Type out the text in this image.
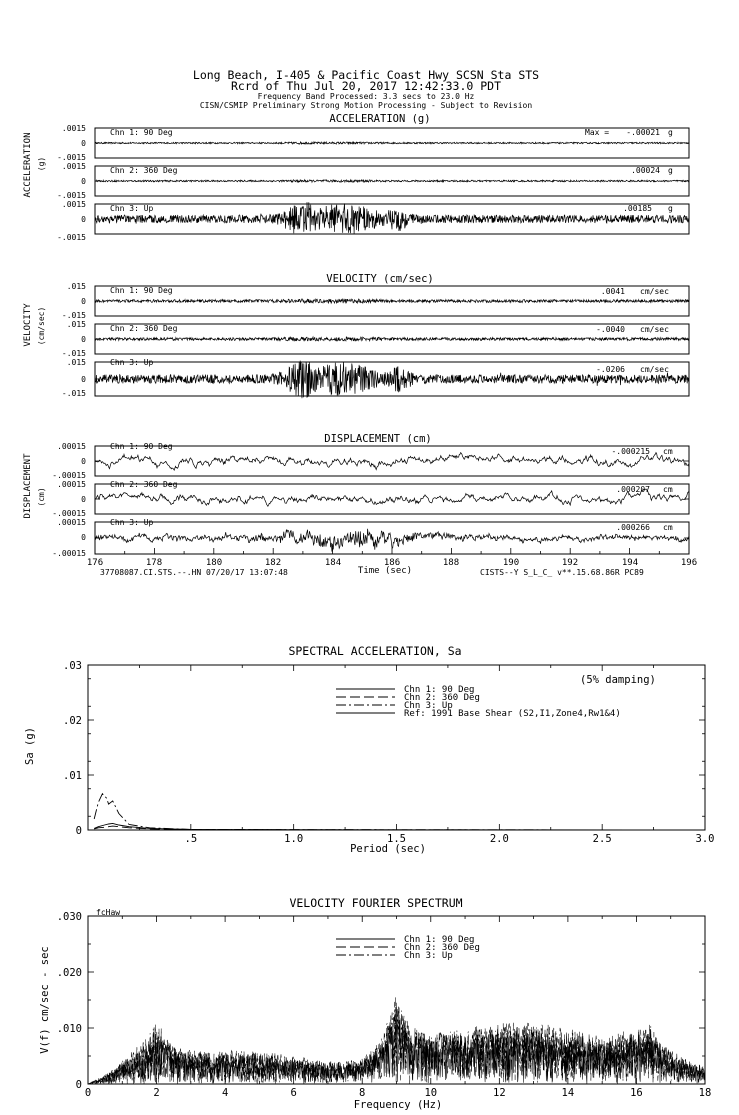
Long Beach, I-405 & Pacific Coast Hwy SCSN Sta STS
Rcrd of Thu Jul 20, 2017 12:42:33.0 PDT
Frequency Band Processed: 3.3 secs to 23.0 Hz
CISN/CSMIP Preliminary Strong Motion Processing - Subject to Revision
ACCELERATION (g)
ACCELERATION (g)
Chn 1: 90 Deg	Max = -.00021 g
.0015
0
-.0015
Chn 2: 360 Deg	.00024 g
.0015
0
-.0015
Chn 3: Up	.00185 g
.0015
0
-.0015
VELOCITY (cm/sec)
VELOCITY (cm/sec)
Chn 1: 90 Deg	.0041 cm/sec
.015
0
-.015
Chn 2: 360 Deg	-.0040 cm/sec
.015
0
-.015
Chn 3: Up
-.0206 cm/sec
.015
0
-.015
DISPLACEMENT (cm)
DISPLACEMENT (cm)
Chn 1: 90 Deg
-.000215 cm
.00015
0
-.00015
Chn 2: 360 Deg
.000207 cm
.00015
0
-.00015
Chn 3: Up
.000266 cm
.00015
0
-.00015
176	178	180	182	184	186	188	190	192	194	196
Time (sec)
37708087.CI.STS.--.HN 07/20/17 13:07:48	CISTS--Y S_L_C_ v**.15.68.86R PC89
SPECTRAL ACCELERATION, Sa
Sa (g)
Period (sec)
(5% damping)
Chn 1: 90 Deg
Chn 2: 360 Deg
Chn 3: Up
Ref: 1991 Base Shear (S2,I1,Zone4,Rw1&4)
VELOCITY FOURIER SPECTRUM
V(f) cm/sec - sec
Frequency (Hz)
fcHaw
Chn 1: 90 Deg
Chn 2: 360 Deg
Chn 3: Up
0
.01
.02
.03
.5	1.0	1.5	2.0	2.5	3.0
0
.010
.020
.030
0	2	4	6	8	10	12	14	16	18
